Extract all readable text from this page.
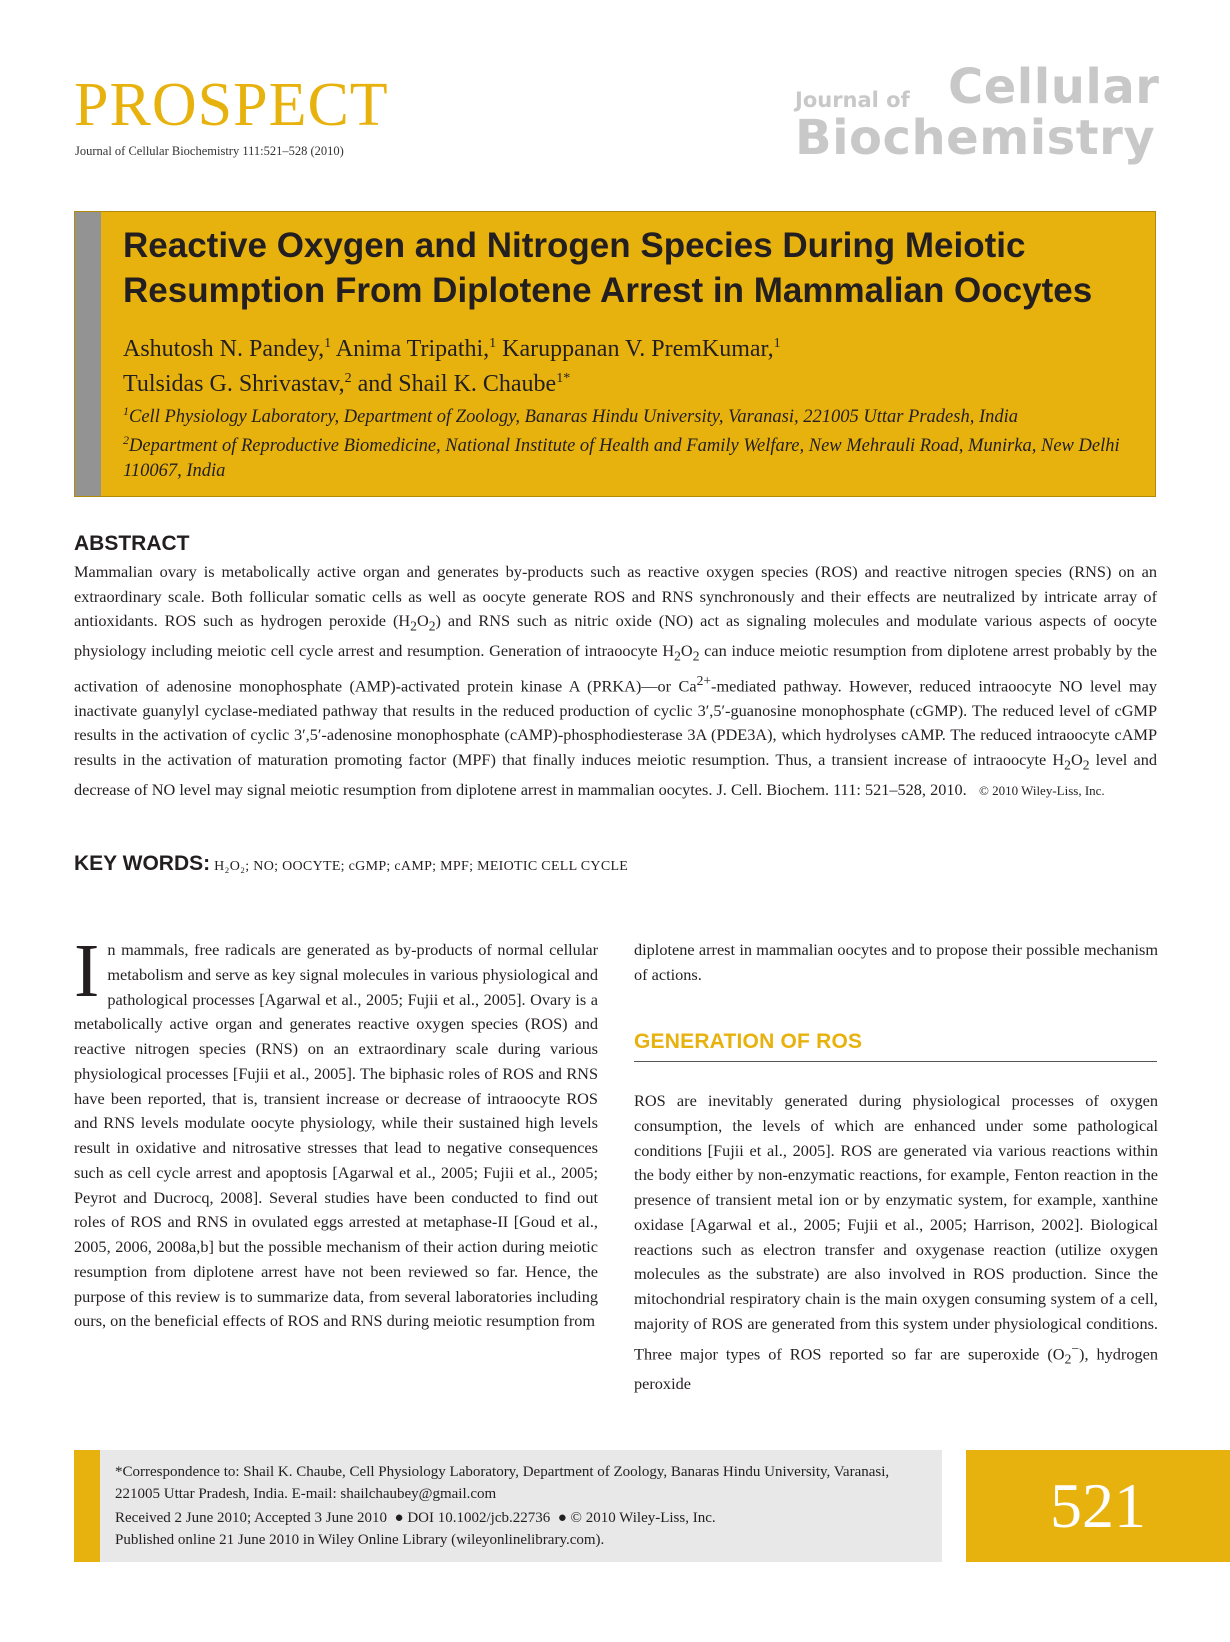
PROSPECT
Journal of Cellular Biochemistry 111:521–528 (2010)
Journal of Cellular
Biochemistry
Reactive Oxygen and Nitrogen Species During Meiotic Resumption From Diplotene Arrest in Mammalian Oocytes
Ashutosh N. Pandey,$^1$ Anima Tripathi,$^1$ Karuppanan V. PremKumar,$^1$
Tulsidas G. Shrivastav,$^2$ and Shail K. Chaube$^{1*}$
$^1$Cell Physiology Laboratory, Department of Zoology, Banaras Hindu University, Varanasi, 221005 Uttar Pradesh, India
$^2$Department of Reproductive Biomedicine, National Institute of Health and Family Welfare, New Mehrauli Road, Munirka, New Delhi 110067, India
ABSTRACT

Mammalian ovary is metabolically active organ and generates by-products such as reactive oxygen species (ROS) and reactive nitrogen species (RNS) on an extraordinary scale. Both follicular somatic cells as well as oocyte generate ROS and RNS synchronously and their effects are neutralized by intricate array of antioxidants. ROS such as hydrogen peroxide $(H_2O_2)$ and RNS such as nitric oxide (NO) act as signaling molecules and modulate various aspects of oocyte physiology including meiotic cell cycle arrest and resumption. Generation of intraoocyte $H_2O_2$ can induce meiotic resumption from diplotene arrest probably by the activation of adenosine monophosphate (AMP)-activated protein kinase A (PRKA)—or $Ca^{2+}$-mediated pathway. However, reduced intraoocyte NO level may inactivate guanylyl cyclase-mediated pathway that results in the reduced production of cyclic 3′,5′-guanosine monophosphate (cGMP). The reduced level of cGMP results in the activation of cyclic 3′,5′-adenosine monophosphate (cAMP)-phosphodiesterase 3A (PDE3A), which hydrolyses cAMP. The reduced intraoocyte cAMP results in the activation of maturation promoting factor (MPF) that finally induces meiotic resumption. Thus, a transient increase of intraoocyte $H_2O_2$ level and decrease of NO level may signal meiotic resumption from diplotene arrest in mammalian oocytes. J. Cell. Biochem. 111: 521–528, 2010. © 2010 Wiley-Liss, Inc.

KEY WORDS: H₂O₂; NO; OOCYTE; cGMP; cAMP; MPF; MEIOTIC CELL CYCLE

In mammals, free radicals are generated as by-products of normal cellular metabolism and serve as key signal molecules in various physiological and pathological processes [Agarwal et al., 2005; Fujii et al., 2005]. Ovary is a metabolically active organ and generates reactive oxygen species (ROS) and reactive nitrogen species (RNS) on an extraordinary scale during various physiological processes [Fujii et al., 2005]. The biphasic roles of ROS and RNS have been reported, that is, transient increase or decrease of intraoocyte ROS and RNS levels modulate oocyte physiology, while their sustained high levels result in oxidative and nitrosative stresses that lead to negative consequences such as cell cycle arrest and apoptosis [Agarwal et al., 2005; Fujii et al., 2005; Peyrot and Ducrocq, 2008]. Several studies have been conducted to find out roles of ROS and RNS in ovulated eggs arrested at metaphase-II [Goud et al., 2005, 2006, 2008a,b] but the possible mechanism of their action during meiotic resumption from diplotene arrest have not been reviewed so far. Hence, the purpose of this review is to summarize data, from several laboratories including ours, on the beneficial effects of ROS and RNS during meiotic resumption from

diplotene arrest in mammalian oocytes and to propose their possible mechanism of actions.

GENERATION OF ROS

ROS are inevitably generated during physiological processes of oxygen consumption, the levels of which are enhanced under some pathological conditions [Fujii et al., 2005]. ROS are generated via various reactions within the body either by non-enzymatic reactions, for example, Fenton reaction in the presence of transient metal ion or by enzymatic system, for example, xanthine oxidase [Agarwal et al., 2005; Fujii et al., 2005; Harrison, 2002]. Biological reactions such as electron transfer and oxygenase reaction (utilize oxygen molecules as the substrate) are also involved in ROS production. Since the mitochondrial respiratory chain is the main oxygen consuming system of a cell, majority of ROS are generated from this system under physiological conditions. Three major types of ROS reported so far are superoxide $(O_2^-)$, hydrogen peroxide

*Correspondence to: Shail K. Chaube, Cell Physiology Laboratory, Department of Zoology, Banaras Hindu University, Varanasi, 221005 Uttar Pradesh, India. E-mail: shailchaubey@gmail.com

Received 2 June 2010; Accepted 3 June 2010  ● DOI 10.1002/jcb.22736  ● © 2010 Wiley-Liss, Inc.

Published online 21 June 2010 in Wiley Online Library (wileyonlinelibrary.com).	521
